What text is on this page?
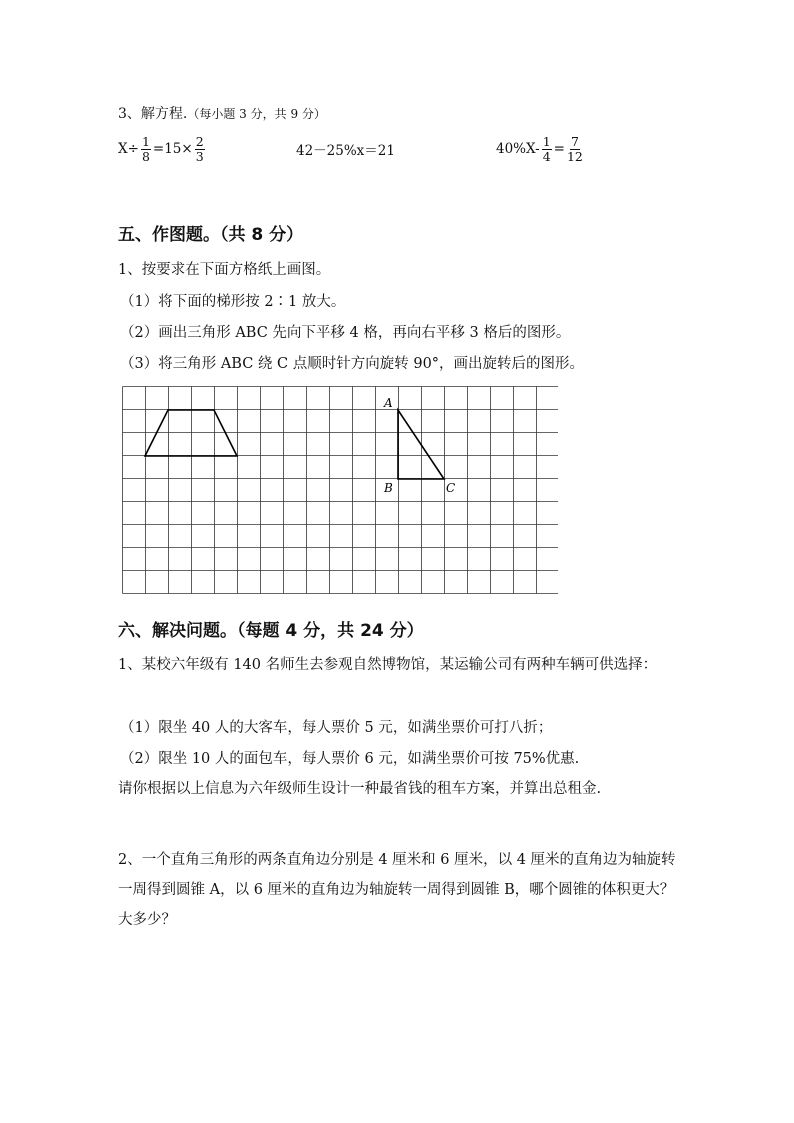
3、解方程.（每小题 3 分，共 9 分）
$X\div \frac{1}{8} =15\times \frac{2}{3}$	42－25%x＝21	$40\%X- \frac{1}{4} = \frac{7}{12}$
五、作图题。（共 8 分）
1、按要求在下面方格纸上画图。
（1）将下面的梯形按 2∶1 放大。
（2）画出三角形 ABC 先向下平移 4 格，再向右平移 3 格后的图形。
（3）将三角形 ABC 绕 C 点顺时针方向旋转 90°，画出旋转后的图形。
A
B	C
六、解决问题。（每题 4 分，共 24 分）
1、某校六年级有 140 名师生去参观自然博物馆，某运输公司有两种车辆可供选择：
（1）限坐 40 人的大客车，每人票价 5 元，如满坐票价可打八折；
（2）限坐 10 人的面包车，每人票价 6 元，如满坐票价可按 75%优惠.
请你根据以上信息为六年级师生设计一种最省钱的租车方案，并算出总租金.
2、一个直角三角形的两条直角边分别是 4 厘米和 6 厘米，以 4 厘米的直角边为轴旋转一周得到圆锥 A，以 6 厘米的直角边为轴旋转一周得到圆锥 B，哪个圆锥的体积更大？大多少？
